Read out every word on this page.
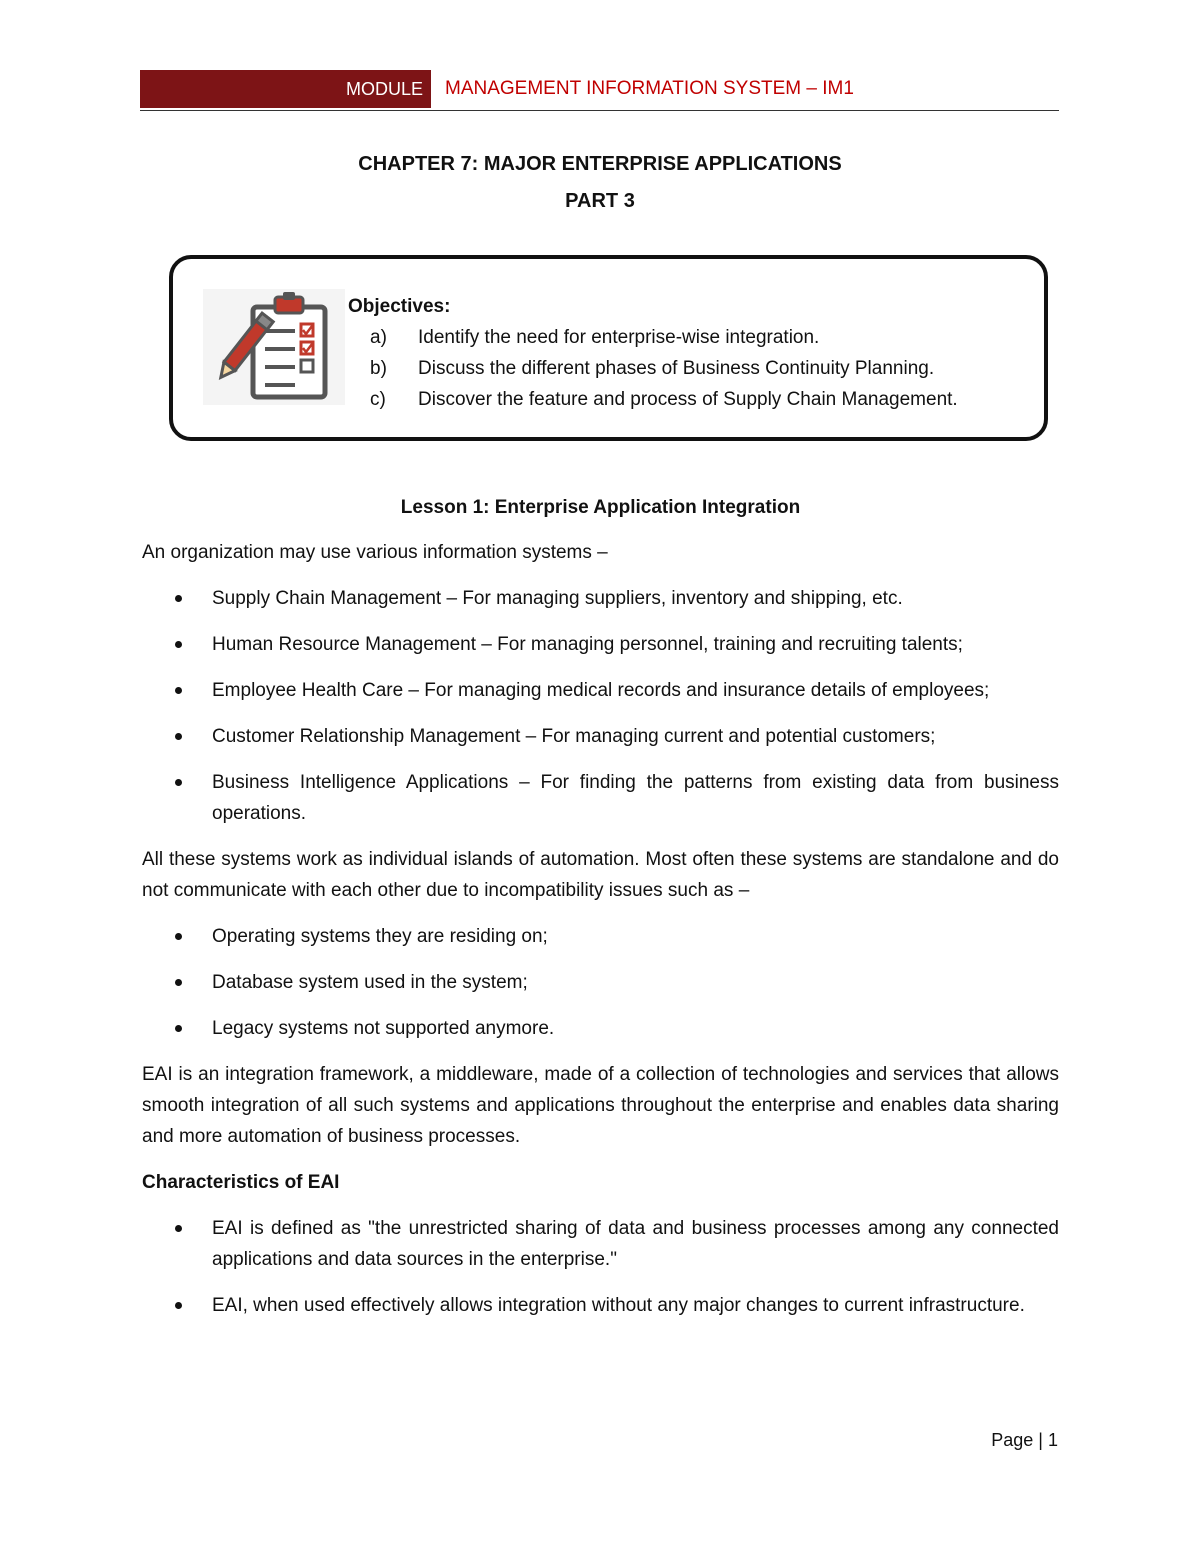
MODULE	MANAGEMENT INFORMATION SYSTEM – IM1
CHAPTER 7: MAJOR ENTERPRISE APPLICATIONS
PART 3
Objectives:
a) Identify the need for enterprise-wise integration.
b) Discuss the different phases of Business Continuity Planning.
c) Discover the feature and process of Supply Chain Management.
Lesson 1: Enterprise Application Integration

An organization may use various information systems –

Supply Chain Management – For managing suppliers, inventory and shipping, etc.
Human Resource Management – For managing personnel, training and recruiting talents;
Employee Health Care – For managing medical records and insurance details of employees;
Customer Relationship Management – For managing current and potential customers;
Business Intelligence Applications – For finding the patterns from existing data from business operations.

All these systems work as individual islands of automation. Most often these systems are standalone and do not communicate with each other due to incompatibility issues such as –

Operating systems they are residing on;
Database system used in the system;
Legacy systems not supported anymore.

EAI is an integration framework, a middleware, made of a collection of technologies and services that allows smooth integration of all such systems and applications throughout the enterprise and enables data sharing and more automation of business processes.

Characteristics of EAI
EAI is defined as "the unrestricted sharing of data and business processes among any connected applications and data sources in the enterprise."
EAI, when used effectively allows integration without any major changes to current infrastructure.
Page | 1
